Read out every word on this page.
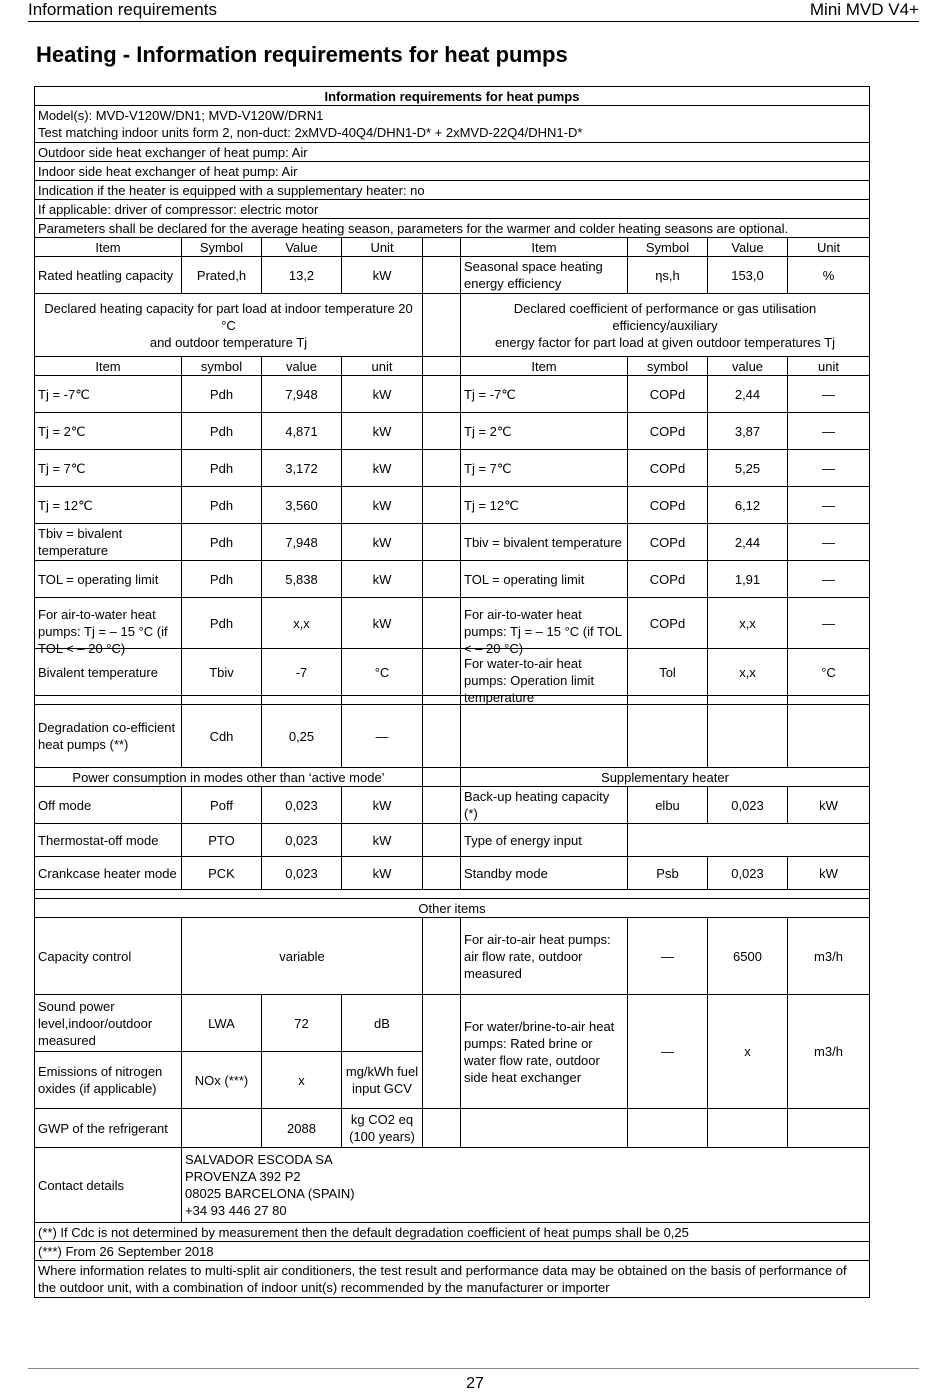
Information requirements	Mini MVD V4+
Heating - Information requirements for heat pumps
Information requirements for heat pumps								
Model(s): MVD-V120W/DN1; MVD-V120W/DRN1
Test matching indoor units form 2, non-duct: 2xMVD-40Q4/DHN1-D* + 2xMVD-22Q4/DHN1-D*								
Outdoor side heat exchanger of heat pump: Air								
Indoor side heat exchanger of heat pump: Air								
Indication if the heater is equipped with a supplementary heater: no								
If applicable: driver of compressor: electric motor								
Parameters shall be declared for the average heating season, parameters for the warmer and colder heating seasons are optional.								
Item	Symbol	Value	Unit		Item	Symbol	Value	Unit
Rated heatling capacity	Prated,h	13,2	kW		Seasonal space heating energy efficiency	ηs,h	153,0	%
Declared heating capacity for part load at indoor temperature 20 °C
and outdoor temperature Tj					Declared coefficient of performance or gas utilisation efficiency/auxiliary
energy factor for part load at given outdoor temperatures Tj			
Item	symbol	value	unit		Item	symbol	value	unit
Tj = -7℃	Pdh	7,948	kW		Tj = -7℃	COPd	2,44	—
Tj = 2℃	Pdh	4,871	kW		Tj = 2℃	COPd	3,87	—
Tj = 7℃	Pdh	3,172	kW		Tj = 7℃	COPd	5,25	—
Tj = 12℃	Pdh	3,560	kW		Tj = 12℃	COPd	6,12	—
Tbiv = bivalent temperature	Pdh	7,948	kW		Tbiv = bivalent temperature	COPd	2,44	—
TOL = operating limit	Pdh	5,838	kW		TOL = operating limit	COPd	1,91	—

For air-to-water heat pumps: Tj = – 15 °C (if TOL < – 20 °C)	Pdh	x,x	kW		For air-to-water heat pumps: Tj = – 15 °C (if TOL < – 20 °C)	COPd	x,x	—
Bivalent temperature	Tbiv	-7	°C		For water-to-air heat pumps: Operation limit temperature	Tol	x,x	°C

Degradation co-efficient heat pumps (**)	Cdh	0,25	—					
Power consumption in modes other than ‘active mode’					Supplementary heater			
Off mode	Poff	0,023	kW		Back-up heating capacity (*)	elbu	0,023	kW

Thermostat-off mode	PTO	0,023	kW		Type of energy input			

Crankcase heater mode	PCK	0,023	kW		Standby mode	Psb	0,023	kW

Other items								
Capacity control	variable				For air-to-air heat pumps: air flow rate, outdoor measured	—	6500	m3/h
Sound power level,indoor/outdoor measured	LWA	72	dB		For water/brine-to-air heat pumps: Rated brine or water flow rate, outdoor side heat exchanger	—	x	m3/h
Emissions of nitrogen oxides (if applicable)	NOx (***)	x	mg/kWh fuel input GCV					
GWP of the refrigerant		2088	kg CO2 eq (100 years)					
Contact details	SALVADOR ESCODA SA
PROVENZA 392 P2
08025 BARCELONA (SPAIN)
+34 93 446 27 80							
(**) If Cdc is not determined by measurement then the default degradation coefficient of heat pumps shall be 0,25								
(***) From 26 September 2018								
Where information relates to multi-split air conditioners, the test result and performance data may be obtained on the basis of performance of the outdoor unit, with a combination of indoor unit(s) recommended by the manufacturer or importer								
27
